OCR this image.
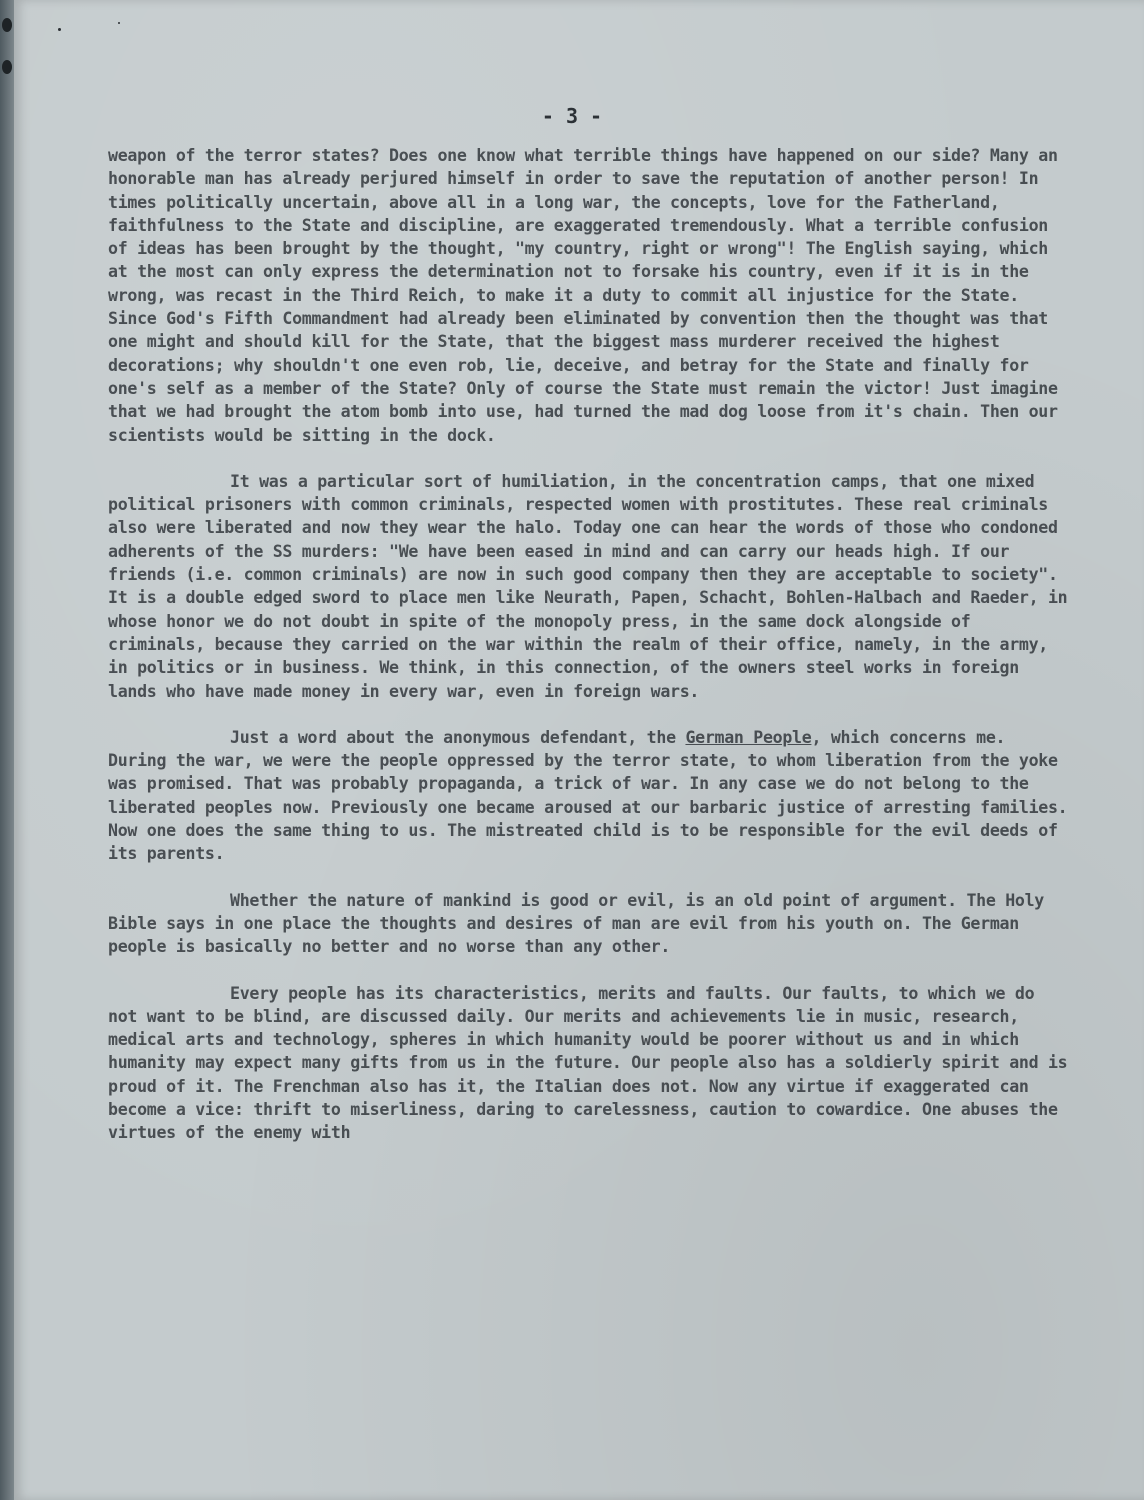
- 3 -

weapon of the terror states? Does one know what terrible things have happened on our side? Many an honorable man has already perjured himself in order to save the reputation of another person! In times politically uncertain, above all in a long war, the concepts, love for the Fatherland, faithfulness to the State and discipline, are exaggerated tremendously. What a terrible confusion of ideas has been brought by the thought, "my country, right or wrong"! The English saying, which at the most can only express the determination not to forsake his country, even if it is in the wrong, was recast in the Third Reich, to make it a duty to commit all injustice for the State. Since God's Fifth Commandment had already been eliminated by convention then the thought was that one might and should kill for the State, that the biggest mass murderer received the highest decorations; why shouldn't one even rob, lie, deceive, and betray for the State and finally for one's self as a member of the State? Only of course the State must remain the victor! Just imagine that we had brought the atom bomb into use, had turned the mad dog loose from it's chain. Then our scientists would be sitting in the dock.

It was a particular sort of humiliation, in the concentration camps, that one mixed political prisoners with common criminals, respected women with prostitutes. These real criminals also were liberated and now they wear the halo. Today one can hear the words of those who condoned adherents of the SS murders: "We have been eased in mind and can carry our heads high. If our friends (i.e. common criminals) are now in such good company then they are acceptable to society". It is a double edged sword to place men like Neurath, Papen, Schacht, Bohlen-Halbach and Raeder, in whose honor we do not doubt in spite of the monopoly press, in the same dock alongside of criminals, because they carried on the war within the realm of their office, namely, in the army, in politics or in business. We think, in this connection, of the owners steel works in foreign lands who have made money in every war, even in foreign wars.

Just a word about the anonymous defendant, the German People, which concerns me. During the war, we were the people oppressed by the terror state, to whom liberation from the yoke was promised. That was probably propaganda, a trick of war. In any case we do not belong to the liberated peoples now. Previously one became aroused at our barbaric justice of arresting families. Now one does the same thing to us. The mistreated child is to be responsible for the evil deeds of its parents.

Whether the nature of mankind is good or evil, is an old point of argument. The Holy Bible says in one place the thoughts and desires of man are evil from his youth on. The German people is basically no better and no worse than any other.

Every people has its characteristics, merits and faults. Our faults, to which we do not want to be blind, are discussed daily. Our merits and achievements lie in music, research, medical arts and technology, spheres in which humanity would be poorer without us and in which humanity may expect many gifts from us in the future. Our people also has a soldierly spirit and is proud of it. The Frenchman also has it, the Italian does not. Now any virtue if exaggerated can become a vice: thrift to miserliness, daring to carelessness, caution to cowardice. One abuses the virtues of the enemy with
